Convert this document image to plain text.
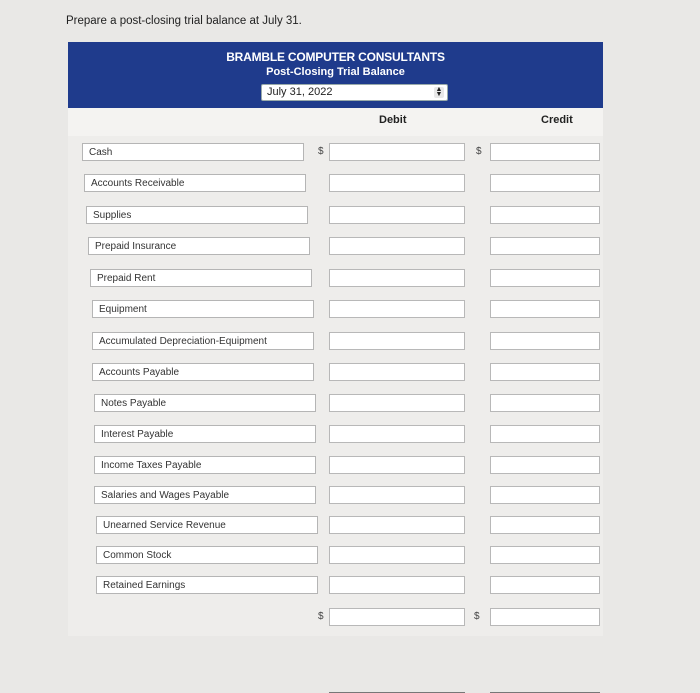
Prepare a post-closing trial balance at July 31.
BRAMBLE COMPUTER CONSULTANTS
Post-Closing Trial Balance
July 31, 2022	▲
▼
Debit	Credit
Cash	$	$
Accounts Receivable
Supplies
Prepaid Insurance
Prepaid Rent
Equipment
Accumulated Depreciation-Equipment
Accounts Payable
Notes Payable
Interest Payable
Income Taxes Payable
Salaries and Wages Payable
Unearned Service Revenue
Common Stock
Retained Earnings
$	$
